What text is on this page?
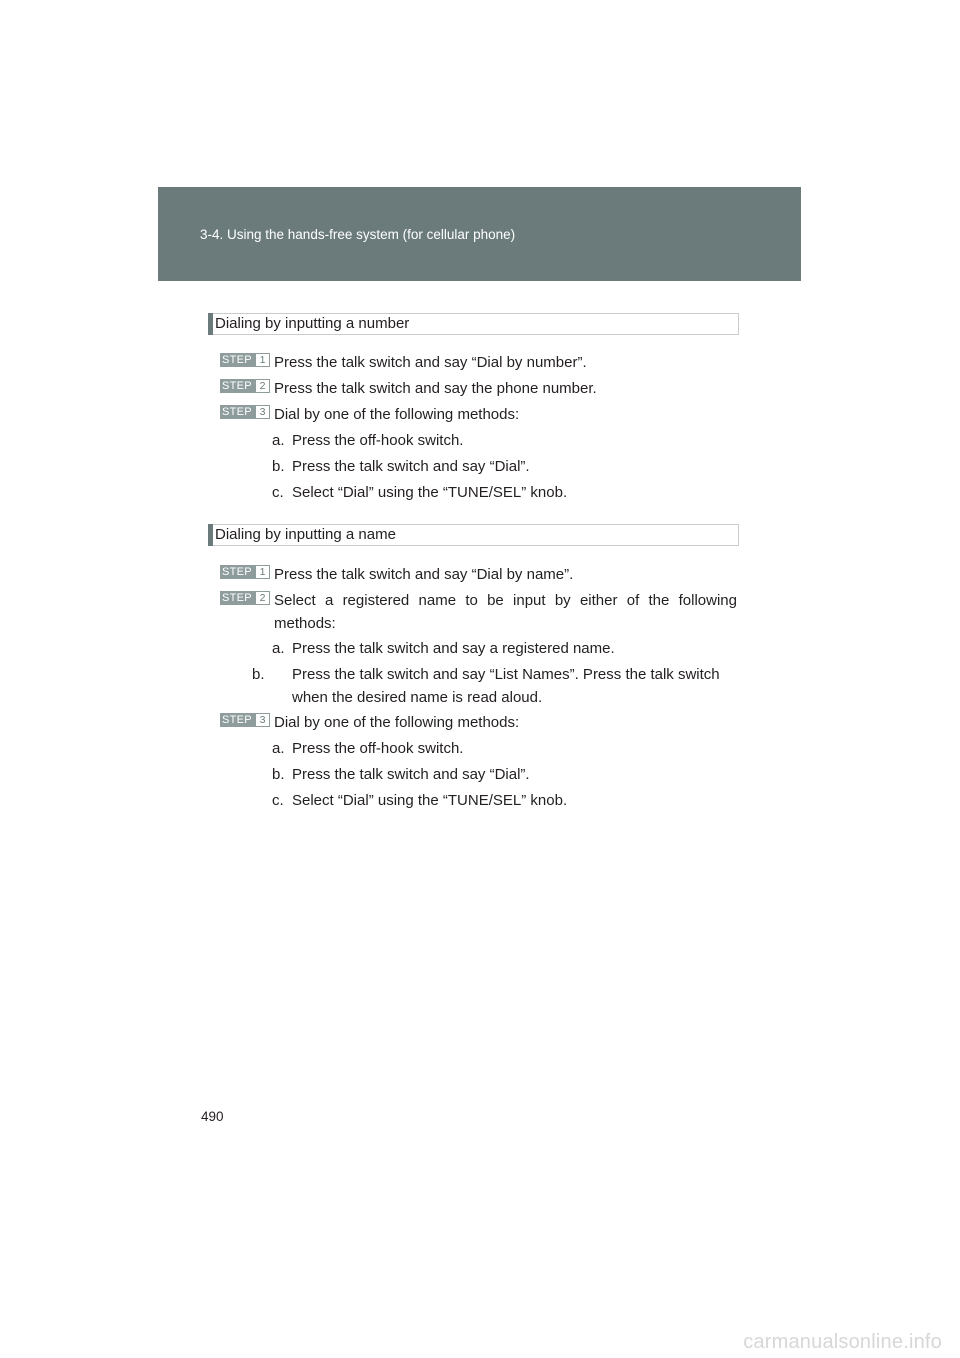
3-4. Using the hands-free system (for cellular phone)
Dialing by inputting a number
STEP 1 Press the talk switch and say “Dial by number”.
STEP 2 Press the talk switch and say the phone number.
STEP 3 Dial by one of the following methods:
a. Press the off-hook switch.
b. Press the talk switch and say “Dial”.
c. Select “Dial” using the “TUNE/SEL” knob.
Dialing by inputting a name
STEP 1 Press the talk switch and say “Dial by name”.
STEP 2 Select a registered name to be input by either of the following methods:
a. Press the talk switch and say a registered name.
b. Press the talk switch and say “List Names”. Press the talk switch when the desired name is read aloud.
STEP 3 Dial by one of the following methods:
a. Press the off-hook switch.
b. Press the talk switch and say “Dial”.
c. Select “Dial” using the “TUNE/SEL” knob.
490
carmanualsonline.info
